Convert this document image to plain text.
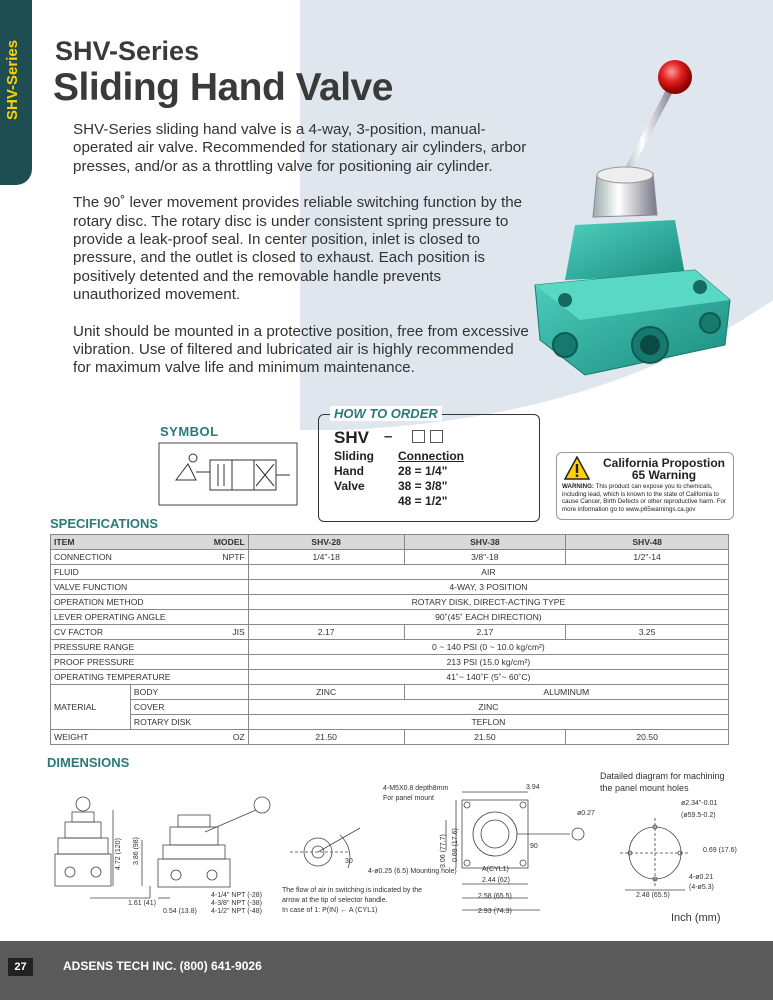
SHV-Series SHV-Series
Sliding Hand Valve

SHV-Series sliding hand valve is a 4-way, 3-position, manual-operated air valve. Recommended for stationary air cylinders, arbor presses, and/or as a throttling valve for positioning air cylinder.

The 90˚ lever movement provides reliable switching function by the rotary disc. The rotary disc is under consistent spring pressure to provide a leak-proof seal. In center position, inlet is closed to pressure, and the outlet is closed to exhaust. Each position is positively detented and the removable handle prevents unauthorized movement.

Unit should be mounted in a protective position, free from excessive vibration. Use of filtered and lubricated air is highly recommended for maximum valve life and minimum maintenance.

SYMBOL
HOW TO ORDER
SHV –
Sliding
Hand
Valve
Connection
28 = 1/4"
38 = 3/8"
48 = 1/2"
California Propostion 65 Warning
WARNING: This product can expose you to chemicals, including lead, which is known to the state of California to cause Cancer, Birth Defects or other reproductive harm. For more information go to www.p65warnings.ca.gov
SPECIFICATIONS
ITEM MODEL		SHV-28	SHV-38	SHV-48
CONNECTION NPTF		1/4"-18	3/8"-18	1/2"-14
FLUID		AIR		
VALVE FUNCTION		4-WAY, 3 POSITION		
OPERATION METHOD		ROTARY DISK, DIRECT-ACTING TYPE		
LEVER OPERATING ANGLE		90˚(45˚ EACH DIRECTION)		
CV FACTOR JIS		2.17	2.17	3.25
PRESSURE RANGE		0 ~ 140 PSI (0 ~ 10.0 kg/cm²)		
PROOF PRESSURE		213 PSI (15.0 kg/cm²)		
OPERATING TEMPERATURE		41˚~ 140˚F (5˚~ 60˚C)		
MATERIAL	BODY	ZINC	ALUMINUM	
	COVER	ZINC		
	ROTARY DISK	TEFLON		
WEIGHT OZ		21.50	21.50	20.50
DIMENSIONS
4.72 (120) 3.86 (98)
1.61 (41)
0.54 (13.8)
4-1/4" NPT (-28)
4-3/8" NPT (-38)
4-1/2" NPT (-48)
30
4-ø0.25 (6.5) Mounting hole)
The flow of air in switching is indicated by the
arrow at the tip of selector handle.
In case of 1: P(IN) ← A (CYL1)
4-M5X0.8 depth8mm
For panel mount
3.94
3.06 (77.7) 0.69 (17.6)
ø0.27
90
A(CYL1)
2.44 (62)
2.58 (65.5)
2.93 (74.3)
Datailed diagram for machining
the panel mount holes
ø2.34"-0.01
(ø59.5-0.2)
0.69 (17.6)
4-ø0.21
(4-ø5.3)
2.48 (65.5)
Inch (mm)
27	ADSENS TECH INC. (800) 641-9026
